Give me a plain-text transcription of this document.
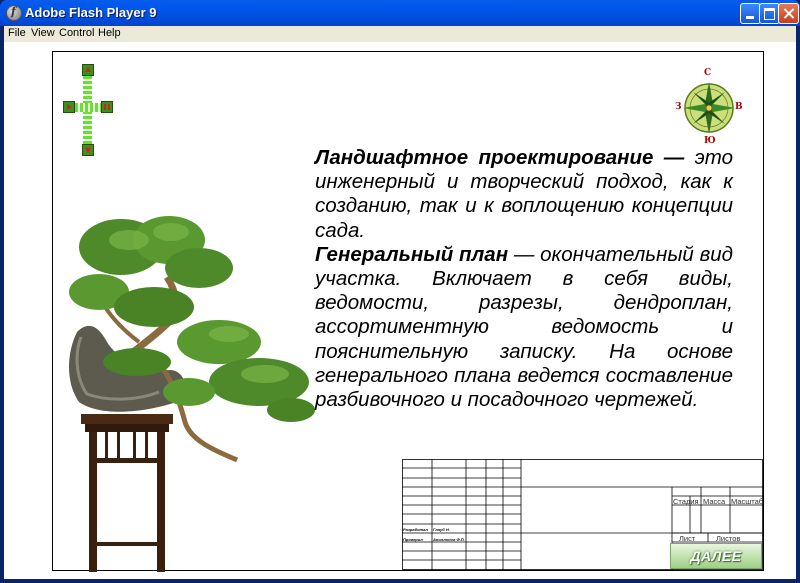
f Adobe Flash Player 9
File View Control Help
С
Ю
З	В

Ландшафтное проектирование — это инженерный и творческий подход, как к созданию, так и к воплощению концепции сада.

Генеральный план — окончательный вид участка. Включает в себя виды, ведомости, разрезы, дендроплан, ассортиментную ведомость и пояснительную записку. На основе генерального плана ведется составление разбивочного и посадочного чертежей.

Стадия Масса Масштаб
Лист	Листов
Разработал Глауб Н.
Проверил	Аполлонов Ф.П.
ДАЛЕЕ
